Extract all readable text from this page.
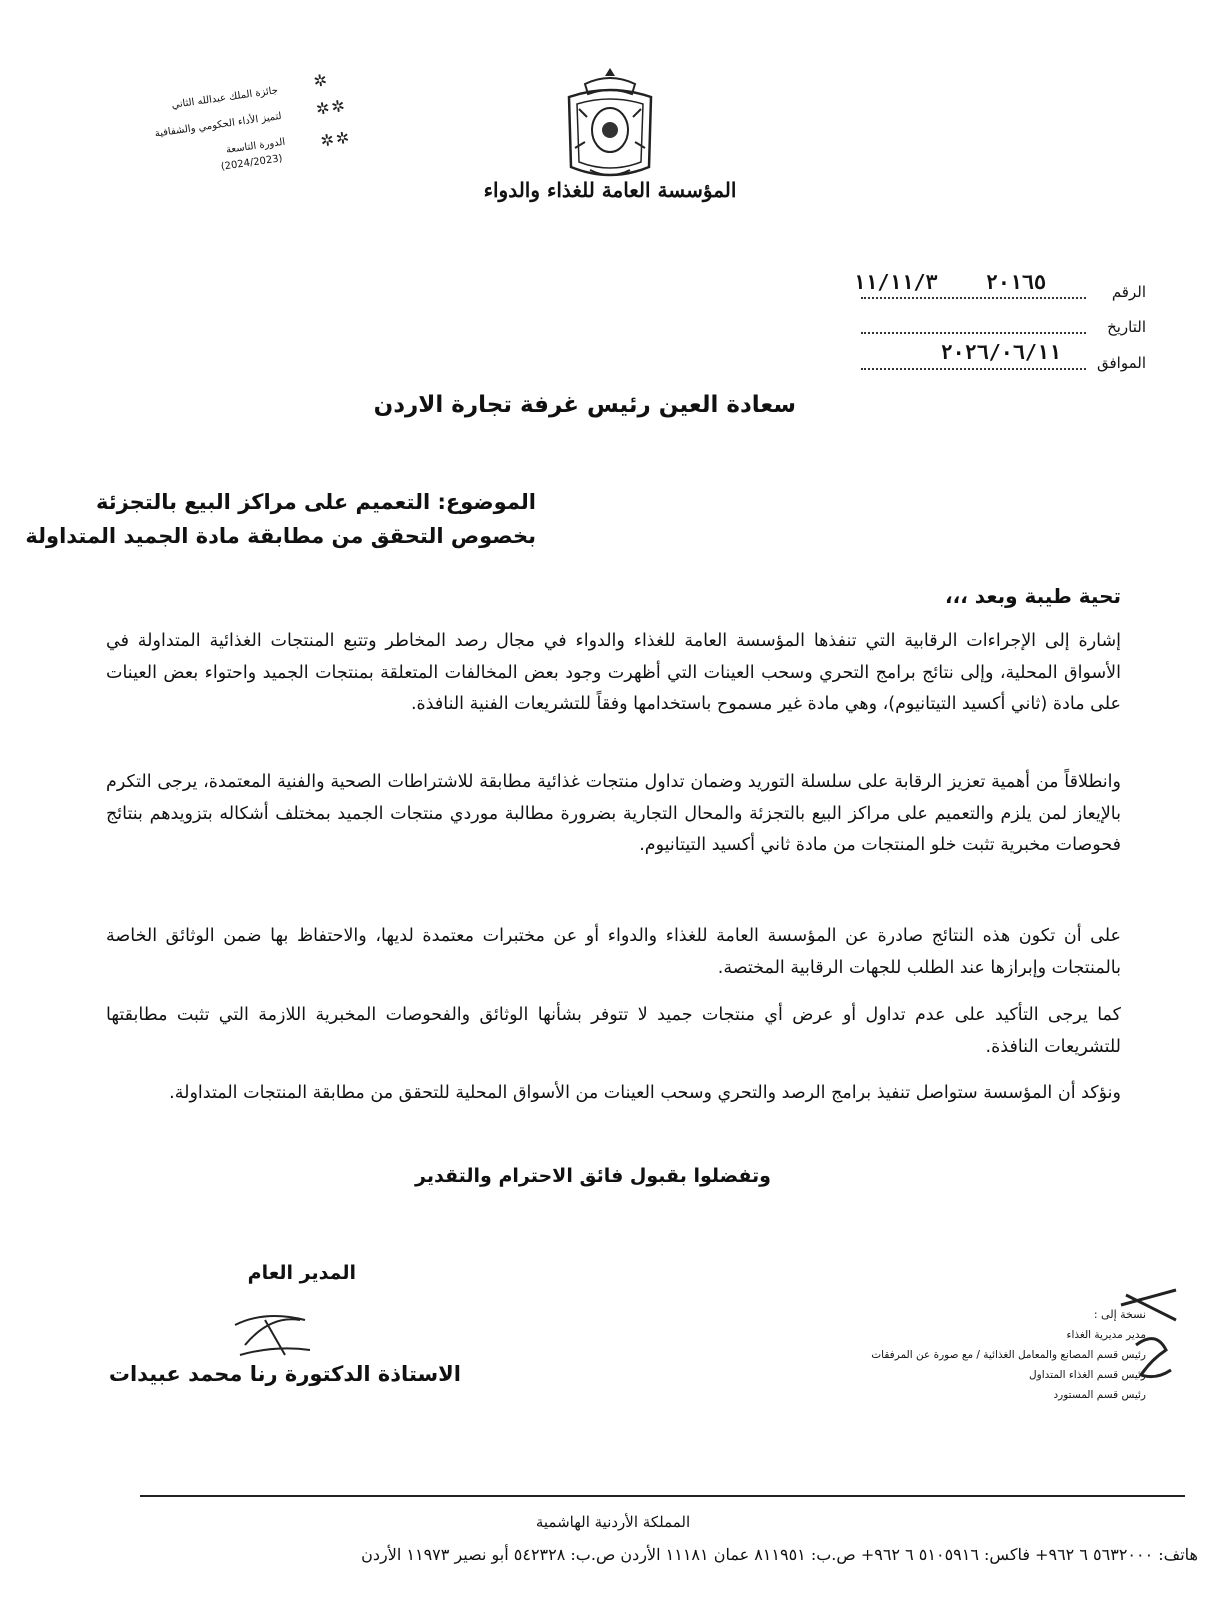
جائزة الملك عبدالله الثاني
لتميز الأداء الحكومي والشفافية
الدورة التاسعة
(2024/2023)
✲
✲✲
✲✲
المؤسسة العامة للغذاء والدواء
الرقم
٢٠١٦٥    ١١/١١/٣
التاريخ
الموافق
٢٠٢٦/٠٦/١١
سعادة العين رئيس غرفة تجارة الاردن
الموضوع: التعميم على مراكز البيع بالتجزئة
بخصوص التحقق من مطابقة مادة الجميد المتداولة
تحية طيبة وبعد ،،،
إشارة إلى الإجراءات الرقابية التي تنفذها المؤسسة العامة للغذاء والدواء في مجال رصد المخاطر وتتبع المنتجات الغذائية المتداولة في الأسواق المحلية، وإلى نتائج برامج التحري وسحب العينات التي أظهرت وجود بعض المخالفات المتعلقة بمنتجات الجميد واحتواء بعض العينات على مادة (ثاني أكسيد التيتانيوم)، وهي مادة غير مسموح باستخدامها وفقاً للتشريعات الفنية النافذة.
وانطلاقاً من أهمية تعزيز الرقابة على سلسلة التوريد وضمان تداول منتجات غذائية مطابقة للاشتراطات الصحية والفنية المعتمدة، يرجى التكرم بالإيعاز لمن يلزم والتعميم على مراكز البيع بالتجزئة والمحال التجارية بضرورة مطالبة موردي منتجات الجميد بمختلف أشكاله بتزويدهم بنتائج فحوصات مخبرية تثبت خلو المنتجات من مادة ثاني أكسيد التيتانيوم.
على أن تكون هذه النتائج صادرة عن المؤسسة العامة للغذاء والدواء أو عن مختبرات معتمدة لديها، والاحتفاظ بها ضمن الوثائق الخاصة بالمنتجات وإبرازها عند الطلب للجهات الرقابية المختصة.
كما يرجى التأكيد على عدم تداول أو عرض أي منتجات جميد لا تتوفر بشأنها الوثائق والفحوصات المخبرية اللازمة التي تثبت مطابقتها للتشريعات النافذة.
ونؤكد أن المؤسسة ستواصل تنفيذ برامج الرصد والتحري وسحب العينات من الأسواق المحلية للتحقق من مطابقة المنتجات المتداولة.
وتفضلوا بقبول فائق الاحترام والتقدير
المدير العام
الاستاذة الدكتورة رنا محمد عبيدات
نسخة إلى :
مدير مديرية الغذاء
رئيس قسم المصانع والمعامل الغذائية / مع صورة عن المرفقات
رئيس قسم الغذاء المتداول
رئيس قسم المستورد
المملكة الأردنية الهاشمية
هاتف: ٥٦٣٢٠٠٠ ٦ ٩٦٢+ فاكس: ٥١٠٥٩١٦ ٦ ٩٦٢+ ص.ب: ٨١١٩٥١ عمان ١١١٨١ الأردن ص.ب: ٥٤٢٣٢٨ أبو نصير ١١٩٧٣ الأردن
